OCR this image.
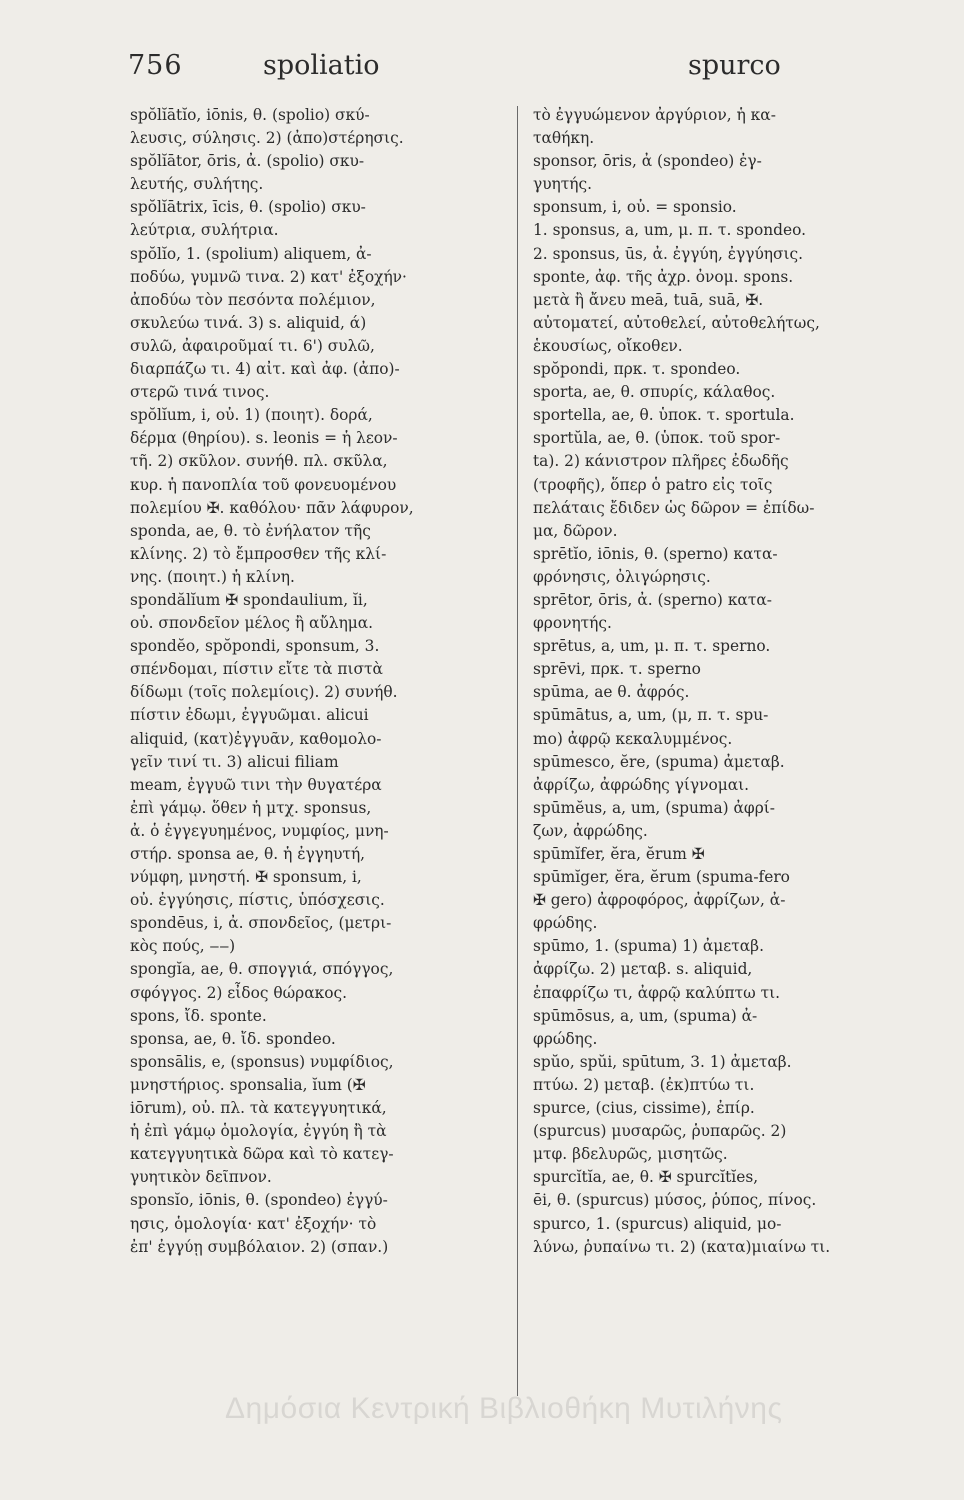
756	spoliatio	spurco
spŏlĭātĭo, iōnis, θ. (spolio) σκύ-
λευσις, σύλησις. 2) (ἀπο)στέρησις.
spŏlĭātor, ōris, ἀ. (spolio) σκυ-
λευτής, συλήτης.
spŏlĭātrix, īcis, θ. (spolio) σκυ-
λεύτρια, συλήτρια.
spŏlĭo, 1. (spolium) aliquem, ἀ-
ποδύω, γυμνῶ τινα. 2) κατ' ἐξοχήν·
ἀποδύω τὸν πεσόντα πολέμιον,
σκυλεύω τινά. 3) s. aliquid, ά)
συλῶ, ἀφαιροῦμαί τι. 6') συλῶ,
διαρπάζω τι. 4) αἰτ. καὶ ἀφ. (ἀπο)-
στερῶ τινά τινος.
spŏlĭum, i, οὐ. 1) (ποιητ). δορά,
δέρμα (θηρίου). s. leonis = ἡ λεον-
τῆ. 2) σκῦλον. συνήθ. πλ. σκῦλα,
κυρ. ἡ πανοπλία τοῦ φονευομένου
πολεμίου ✠. καθόλου· πᾶν λάφυρον,
sponda, ae, θ. τὸ ἐνήλατον τῆς
κλίνης. 2) τὸ ἔμπροσθεν τῆς κλί-
νης. (ποιητ.) ἡ κλίνη.
spondălĭum ✠ spondaulium, ĭi,
οὐ. σπονδεῖον μέλος ἢ αὔλημα.
spondĕo, spŏpondi, sponsum, 3.
σπένδομαι, πίστιν εἴτε τὰ πιστὰ
δίδωμι (τοῖς πολεμίοις). 2) συνήθ.
πίστιν ἐδωμι, ἐγγυῶμαι. alicui
aliquid, (κατ)ἐγγυᾶν, καθομολο-
γεῖν τινί τι. 3) alicui filiam
meam, ἐγγυῶ τινι τὴν θυγατέρα
ἐπὶ γάμῳ. ὅθεν ἡ μτχ. sponsus,
ἀ. ὁ ἐγγεγυημένος, νυμφίος, μνη-
στήρ. sponsa ae, θ. ἡ ἐγγηυτή,
νύμφη, μνηστή. ✠ sponsum, i,
οὐ. ἐγγύησις, πίστις, ὑπόσχεσις.
spondēus, i, ἀ. σπονδεῖος, (μετρι-
κὸς πούς, ‒‒)
spongĭa, ae, θ. σπογγιά, σπόγγος,
σφόγγος. 2) εἶδος θώρακος.
spons, ἴδ. sponte.
sponsa, ae, θ. ἴδ. spondeo.
sponsālis, e, (sponsus) νυμφίδιος,
μνηστήριος. sponsalia, ĭum (✠
iōrum), οὐ. πλ. τὰ κατεγγυητικά,
ἡ ἐπὶ γάμῳ ὁμολογία, ἐγγύη ἢ τὰ
κατεγγυητικὰ δῶρα καὶ τὸ κατεγ-
γυητικὸν δεῖπνον.
sponsĭo, iōnis, θ. (spondeo) ἐγγύ-
ησις, ὁμολογία· κατ' ἐξοχήν· τὸ
ἐπ' ἐγγύῃ συμβόλαιον. 2) (σπαν.)
τὸ ἐγγυώμενον ἀργύριον, ἡ κα-
ταθήκη.
sponsor, ōris, ἀ (spondeo) ἐγ-
γυητής.
sponsum, i, οὐ. = sponsio.
1. sponsus, a, um, μ. π. τ. spondeo.
2. sponsus, ūs, ἀ. ἐγγύη, ἐγγύησις.
sponte, ἀφ. τῆς ἀχρ. ὀνομ. spons.
μετὰ ἢ ἄνευ meā, tuā, suā, ✠.
αὐτοματεί, αὐτοθελεί, αὐτοθελήτως,
ἑκουσίως, οἴκοθεν.
spŏpondi, πρκ. τ. spondeo.
sporta, ae, θ. σπυρίς, κάλαθος.
sportella, ae, θ. ὑποκ. τ. sportula.
sportŭla, ae, θ. (ὑποκ. τοῦ spor-
ta). 2) κάνιστρον πλῆρες ἐδωδῆς
(τροφῆς), ὅπερ ὁ patro εἰς τοῖς
πελάταις ἔδιδεν ὡς δῶρον = ἐπίδω-
μα, δῶρον.
sprētĭo, iōnis, θ. (sperno) κατα-
φρόνησις, ὀλιγώρησις.
sprētor, ōris, ἀ. (sperno) κατα-
φρονητής.
sprētus, a, um, μ. π. τ. sperno.
sprēvi, πρκ. τ. sperno
spūma, ae θ. ἀφρός.
spūmātus, a, um, (μ, π. τ. spu-
mo) ἀφρῷ κεκαλυμμένος.
spūmesco, ĕre, (spuma) ἀμεταβ.
ἀφρίζω, ἀφρώδης γίγνομαι.
spūmĕus, a, um, (spuma) ἀφρί-
ζων, ἀφρώδης.
spūmĭfer, ĕra, ĕrum ✠
spūmĭger, ĕra, ĕrum (spuma-fero
✠ gero) ἀφροφόρος, ἀφρίζων, ἀ-
φρώδης.
spūmo, 1. (spuma) 1) ἀμεταβ.
ἀφρίζω. 2) μεταβ. s. aliquid,
ἐπαφρίζω τι, ἀφρῷ καλύπτω τι.
spūmōsus, a, um, (spuma) ἀ-
φρώδης.
spŭo, spŭi, spūtum, 3. 1) ἀμεταβ.
πτύω. 2) μεταβ. (ἐκ)πτύω τι.
spurce, (cius, cissime), ἐπίρ.
(spurcus) μυσαρῶς, ῥυπαρῶς. 2)
μτφ. βδελυρῶς, μισητῶς.
spurcĭtĭa, ae, θ. ✠ spurcĭtĭes,
ēi, θ. (spurcus) μύσος, ῥύπος, πίνος.
spurco, 1. (spurcus) aliquid, μο-
λύνω, ῥυπαίνω τι. 2) (κατα)μιαίνω τι.
Δημόσια Κεντρική Βιβλιοθήκη Μυτιλήνης
